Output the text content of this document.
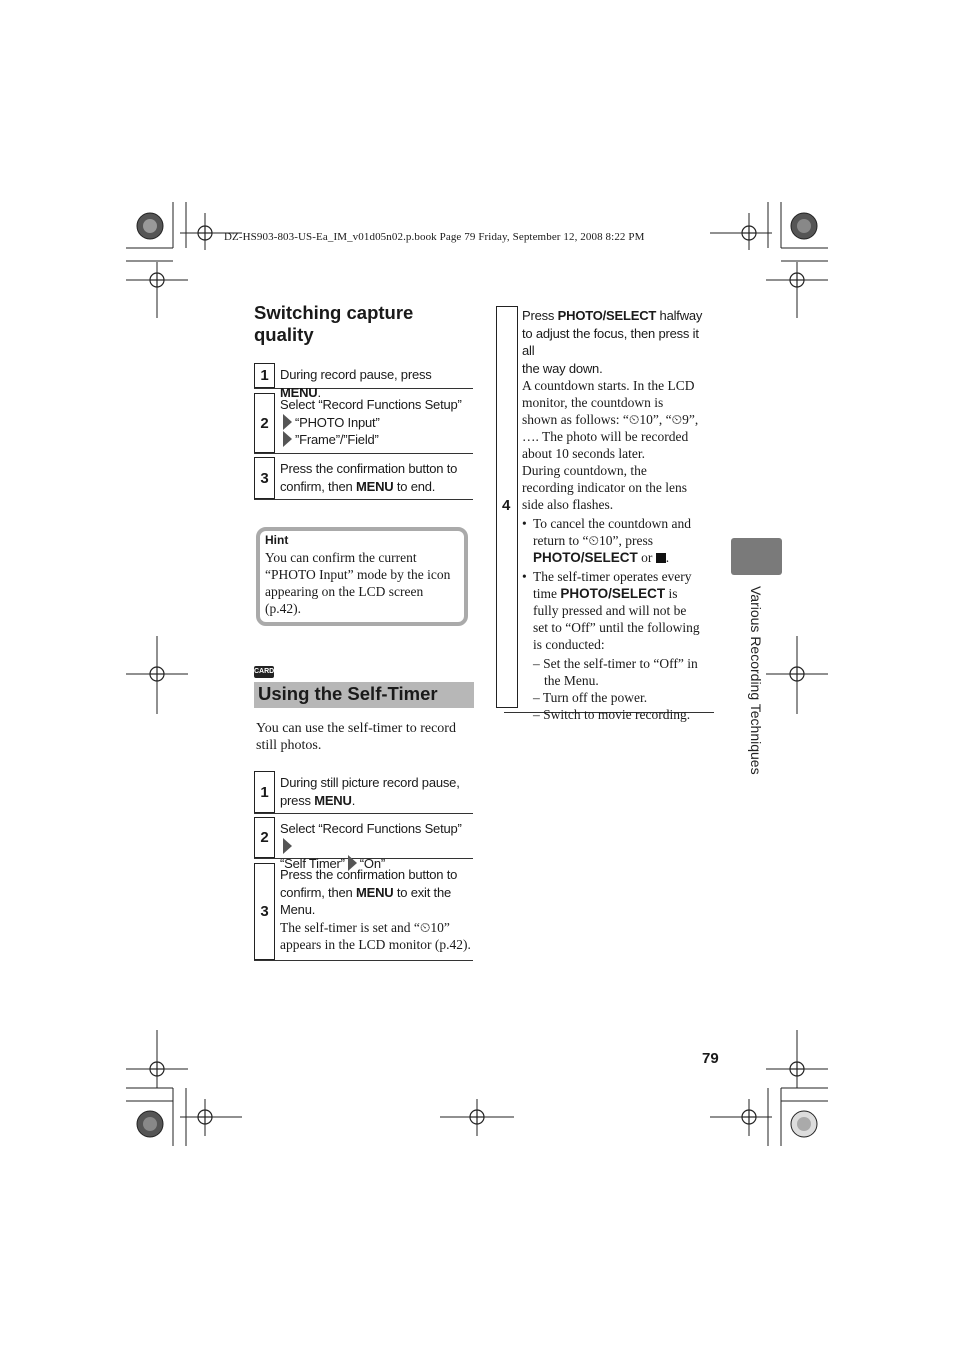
DZ-HS903-803-US-Ea_IM_v01d05n02.p.book Page 79 Friday, September 12, 2008 8:22 PM
Switching capture
quality
1 During record pause, press MENU.
2
Select “Record Functions Setup”
“PHOTO Input”
”Frame”/”Field”
3
Press the confirmation button to
confirm, then MENU to end.
Hint
You can confirm the current
“PHOTO Input” mode by the icon
appearing on the LCD screen
(p.42).
CARD
Using the Self-Timer
You can use the self-timer to record
still photos.
1
During still picture record pause,
press MENU.
2
Select “Record Functions Setup”
“Self Timer” “On”
3
Press the confirmation button to
confirm, then MENU to exit the
Menu.
The self-timer is set and “⏲10”
appears in the LCD monitor (p.42).
4
Press PHOTO/SELECT halfway
to adjust the focus, then press it all
the way down.
A countdown starts. In the LCD
monitor, the countdown is
shown as follows: “⏲10”, “⏲9”,
…. The photo will be recorded
about 10 seconds later.
During countdown, the
recording indicator on the lens
side also flashes.
• To cancel the countdown and
return to “⏲10”, press
PHOTO/SELECT or .
• The self-timer operates every
time PHOTO/SELECT is
fully pressed and will not be
set to “Off” until the following
is conducted:
– Set the self-timer to “Off” in
the Menu.
– Turn off the power.
– Switch to movie recording.	Various Recording Techniques
79
